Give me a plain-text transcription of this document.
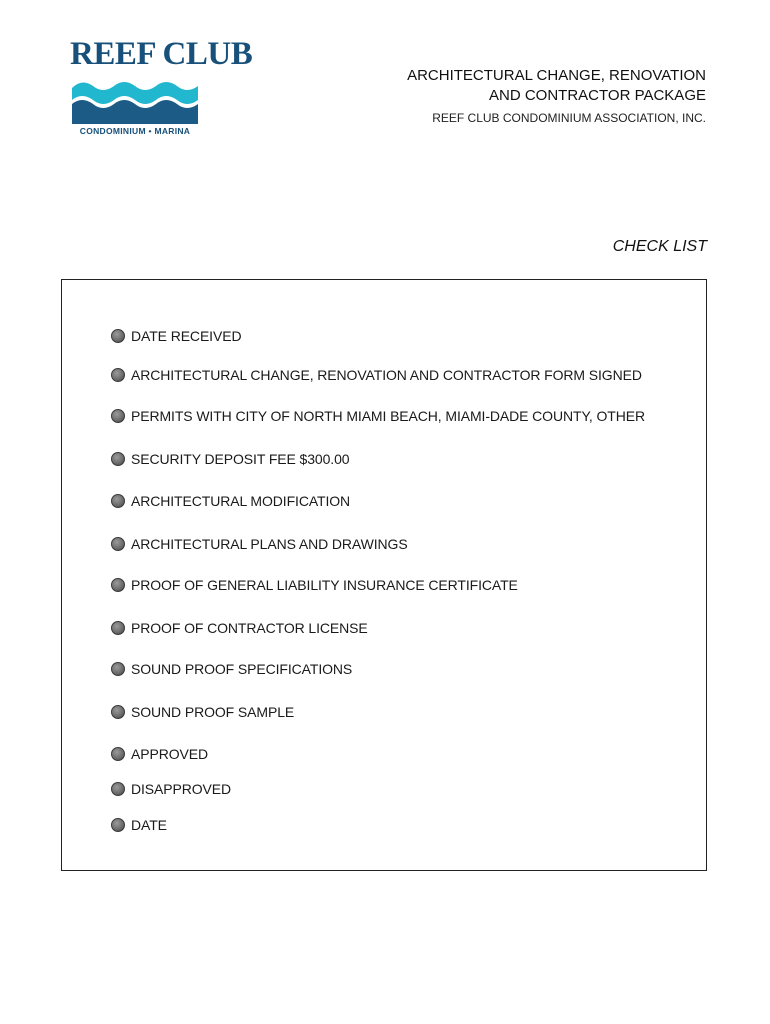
REEF CLUB
CONDOMINIUM • MARINA
ARCHITECTURAL CHANGE, RENOVATION
AND CONTRACTOR PACKAGE
REEF CLUB CONDOMINIUM ASSOCIATION, INC.
CHECK LIST
DATE RECEIVED
ARCHITECTURAL CHANGE, RENOVATION AND CONTRACTOR FORM SIGNED
PERMITS WITH CITY OF NORTH MIAMI BEACH, MIAMI-DADE COUNTY, OTHER
SECURITY DEPOSIT FEE $300.00
ARCHITECTURAL MODIFICATION
ARCHITECTURAL PLANS AND DRAWINGS
PROOF OF GENERAL LIABILITY INSURANCE CERTIFICATE
PROOF OF CONTRACTOR LICENSE
SOUND PROOF SPECIFICATIONS
SOUND PROOF SAMPLE
APPROVED
DISAPPROVED
DATE
